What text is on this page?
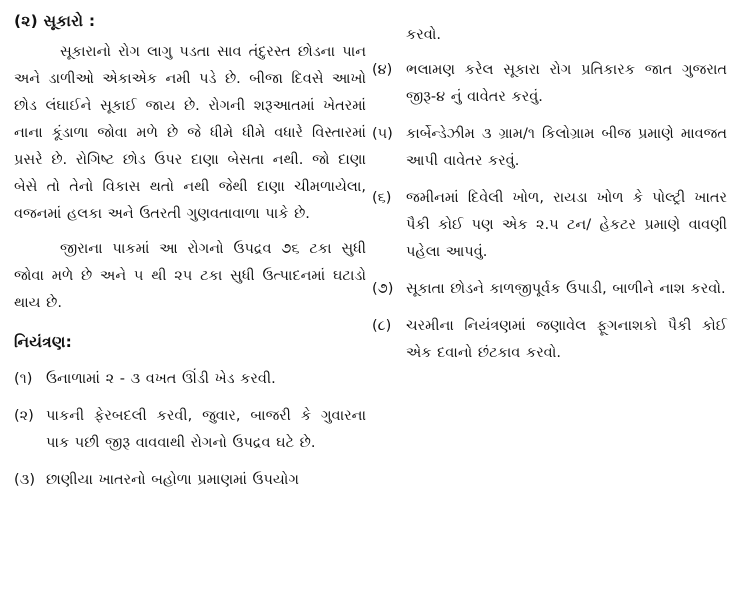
(૨) સૂકારો :

સૂકારાનો રોગ લાગુ પડતા સાવ તંદુરસ્ત છોડના પાન અને ડાળીઓ એકાએક નમી પડે છે. બીજા દિવસે આખો છોડ લંઘાઈને સૂકાઈ જાય છે. રોગની શરૂઆતમાં ખેતરમાં નાના કૂંડાળા જોવા મળે છે જે ધીમે ધીમે વધારે વિસ્તારમાં પ્રસરે છે. રોગિષ્ટ છોડ ઉપર દાણા બેસતા નથી. જો દાણા બેસે તો તેનો વિકાસ થતો નથી જેથી દાણા ચીમળાયેલા, વજનમાં હલકા અને ઉતરતી ગુણવતાવાળા પાકે છે.

જીરાના પાકમાં આ રોગનો ઉપદ્રવ ૭૬ ટકા સુધી જોવા મળે છે અને ૫ થી ૨૫ ટકા સુધી ઉત્પાદનમાં ઘટાડો થાય છે.

નિયંત્રણ:
(૧) ઉનાળામાં ૨ - ૩ વખત ઊંડી ખેડ કરવી.
(૨) પાકની ફેરબદલી કરવી, જુવાર, બાજરી કે ગુવારના પાક પછી જીરૂ વાવવાથી રોગનો ઉપદ્રવ ઘટે છે.
(૩) છાણીયા ખાતરનો બહોળા પ્રમાણમાં ઉપયોગ
કરવો.
(૪) ભલામણ કરેલ સૂકારા રોગ પ્રતિકારક જાત ગુજરાત જીરૂ-૪ નું વાવેતર કરવું.
(૫) કાર્બેન્ડેઝીમ ૩ ગ્રામ/૧ કિલોગ્રામ બીજ પ્રમાણે માવજત આપી વાવેતર કરવું.
(૬)	જમીનમાં દિવેલી ખોળ, રાયડા ખોળ કે પોલ્ટ્રી ખાતર પૈકી કોઈ પણ એક ૨.૫ ટન/ હેકટર પ્રમાણે વાવણી પહેલા આપવું.
(૭) સૂકાતા છોડને કાળજીપૂર્વક ઉપાડી, બાળીને નાશ કરવો.
(૮)	ચરમીના નિયંત્રણમાં જણાવેલ ફૂગનાશકો પૈકી કોઈ એક દવાનો છંટકાવ કરવો.
